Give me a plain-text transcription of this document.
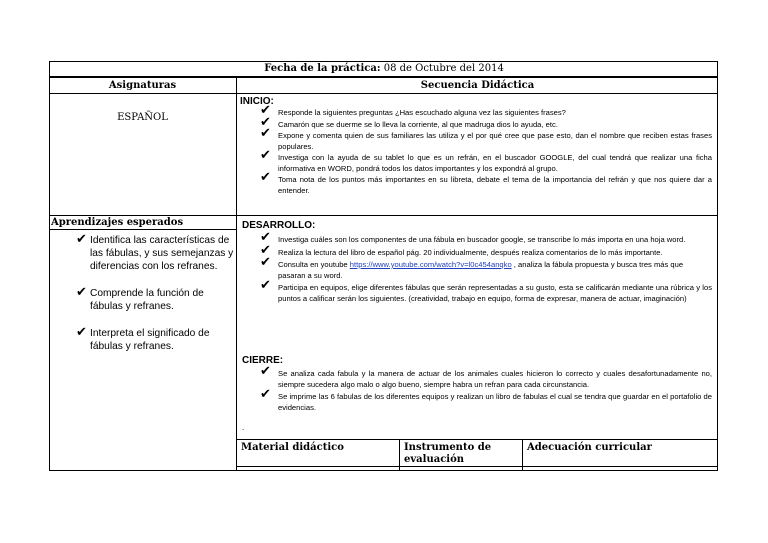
Fecha de la práctica: 08 de Octubre del 2014
Asignaturas	Secuencia Didáctica
ESPAÑOL
Aprendizajes esperados
✔ Identifica las características de las fábulas, y sus semejanzas y diferencias con los refranes.
✔ Comprende la función de fábulas y refranes.
✔ Interpreta el significado de fábulas y refranes.
INICIO:
✔ Responde la siguientes preguntas ¿Has escuchado alguna vez las siguientes frases?
✔ Camarón que se duerme se lo lleva la corriente, al que madruga dios lo ayuda, etc.
✔ Expone y comenta quien de sus familiares las utiliza y el por qué cree que pase esto, dan el nombre que reciben estas frases populares.
✔ Investiga con la ayuda de su tablet lo que es un refrán, en el buscador GOOGLE, del cual tendrá que realizar una ficha informativa en WORD, pondrá todos los datos importantes y los expondrá al grupo.
✔ Toma nota de los puntos más importantes en su libreta, debate el tema de la importancia del refrán y que nos quiere dar a entender.
DESARROLLO:
✔ Investiga cuáles son los componentes de una fábula en buscador google, se transcribe lo más importa en una hoja word.
✔ Realiza la lectura del libro de español pág. 20 individualmente, después realiza comentarios de lo más importante.
✔ Consulta en youtube https://www.youtube.com/watch?v=l0c454anqko , analiza la fábula propuesta y busca tres más que pasaran a su word.
✔ Participa en equipos, elige diferentes fábulas que serán representadas a su gusto, esta se calificarán mediante una rúbrica y los puntos a calificar serán los siguientes. (creatividad, trabajo en equipo, forma de expresar, manera de actuar, imaginación)
CIERRE:
✔ Se analiza cada fabula y la manera de actuar de los animales cuales hicieron lo correcto y cuales desafortunadamente no, siempre sucedera algo malo o algo bueno, siempre habra un refran para cada circunstancia.
✔ Se imprime las 6 fabulas de los diferentes equipos y realizan un libro de fabulas el cual se tendra que guardar en el portafolio de evidencias.
.
Material didáctico	Instrumento de evaluación
Adecuación curricular
